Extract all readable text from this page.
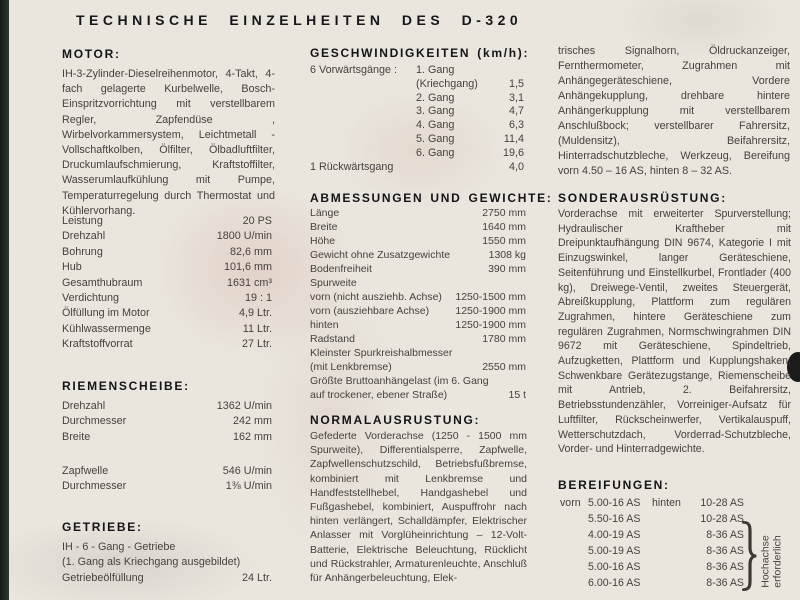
TECHNISCHE EINZELHEITEN DES D-320
MOTOR:

IH-3-Zylinder-Dieselreihenmotor, 4-Takt, 4-fach gelagerte Kurbelwelle, Bosch-Einspritzvorrichtung mit verstellbarem Regler, Zapfendüse , Wirbelvorkammersystem, Leichtmetall - Vollschaftkolben, Ölfilter, Ölbadluftfilter, Druckumlaufschmierung, Kraftstoffilter, Wasserumlaufkühlung mit Pumpe, Temperaturregelung durch Thermostat und Kühlervorhang.

Leistung	20 PS
Drehzahl	1800 U/min
Bohrung	82,6 mm
Hub	101,6 mm
Gesamthubraum	1631 cm³
Verdichtung	19 : 1
Ölfüllung im Motor	4,9 Ltr.
Kühlwassermenge	11 Ltr.
Kraftstoffvorrat	27 Ltr.
RIEMENSCHEIBE:
Drehzahl	1362 U/min
Durchmesser	242 mm
Breite	162 mm
Zapfwelle	546 U/min
Durchmesser	1⅜ U/min
GETRIEBE:
IH - 6 - Gang - Getriebe
(1. Gang als Kriechgang ausgebildet)
Getriebeölfüllung	24 Ltr.
GESCHWINDIGKEITEN (km/h):
6 Vorwärtsgänge :	1. Gang
(Kriechgang)	1,5
2. Gang	3,1
3. Gang	4,7
4. Gang	6,3
5. Gang	11,4
6. Gang	19,6
1 Rückwärtsgang	4,0
ABMESSUNGEN UND GEWICHTE:
Länge	2750 mm
Breite	1640 mm
Höhe	1550 mm
Gewicht ohne Zusatzgewichte	1308 kg
Bodenfreiheit	390 mm
Spurweite
vorn (nicht ausziehb. Achse) 1250-1500 mm
vorn (ausziehbare Achse)	1250-1900 mm
hinten	1250-1900 mm
Radstand	1780 mm
Kleinster Spurkreishalbmesser
(mit Lenkbremse)	2550 mm
Größte Bruttoanhängelast (im 6. Gang
auf trockener, ebener Straße)	15 t
NORMALAUSRUSTUNG:

Gefederte Vorderachse (1250 - 1500 mm Spurweite), Differentialsperre, Zapfwelle, Zapfwellenschutzschild, Betriebsfußbremse, kombiniert mit Lenkbremse und Handfeststellhebel, Handgashebel und Fußgashebel, kombiniert, Auspuffrohr nach hinten verlängert, Schalldämpfer, Elektrischer Anlasser mit Vorglüheinrichtung – 12-Volt-Batterie, Elektrische Beleuchtung, Rücklicht und Rückstrahler, Armaturenleuchte, Anschluß für Anhängerbeleuchtung, Elek-

trisches Signalhorn, Öldruckanzeiger, Fernthermometer, Zugrahmen mit Anhängegeräteschiene, Vordere Anhängekupplung, drehbare hintere Anhängerkupplung mit verstellbarem Anschlußbock; verstellbarer Fahrersitz, (Muldensitz), Beifahrersitz, Hinterradschutzbleche, Werkzeug, Bereifung vorn 4.50 – 16 AS, hinten 8 – 32 AS.

SONDERAUSRÜSTUNG:

Vorderachse mit erweiterter Spurverstellung; Hydraulischer Kraftheber mit Dreipunktaufhängung DIN 9674, Kategorie I mit Einzugswinkel, langer Geräteschiene, Seitenführung und Einstellkurbel, Frontlader (400 kg), Dreiwege-Ventil, zweites Steuergerät, Abreißkupplung, Plattform zum regulären Zugrahmen, hintere Geräteschiene zum regulären Zugrahmen, Normschwingrahmen DIN 9672 mit Geräteschiene, Spindeltrieb, Aufzugketten, Plattform und Kupplungshaken; Schwenkbare Gerätezugstange, Riemenscheibe mit Antrieb, 2. Beifahrersitz, Betriebsstundenzähler, Vorreiniger-Aufsatz für Luftfilter, Rückscheinwerfer, Vertikalauspuff, Wetterschutzdach, Vorderrad-Schutzbleche, Vorder- und Hinterradgewichte.

BEREIFUNGEN:
vorn 5.00-16 AS	hinten	10-28 AS
5.50-16 AS	10-28 AS
4.00-19 AS	8-36 AS
5.00-19 AS	8-36 AS
5.00-16 AS	8-36 AS
6.00-16 AS	8-36 AS Hochachse erforderlich
